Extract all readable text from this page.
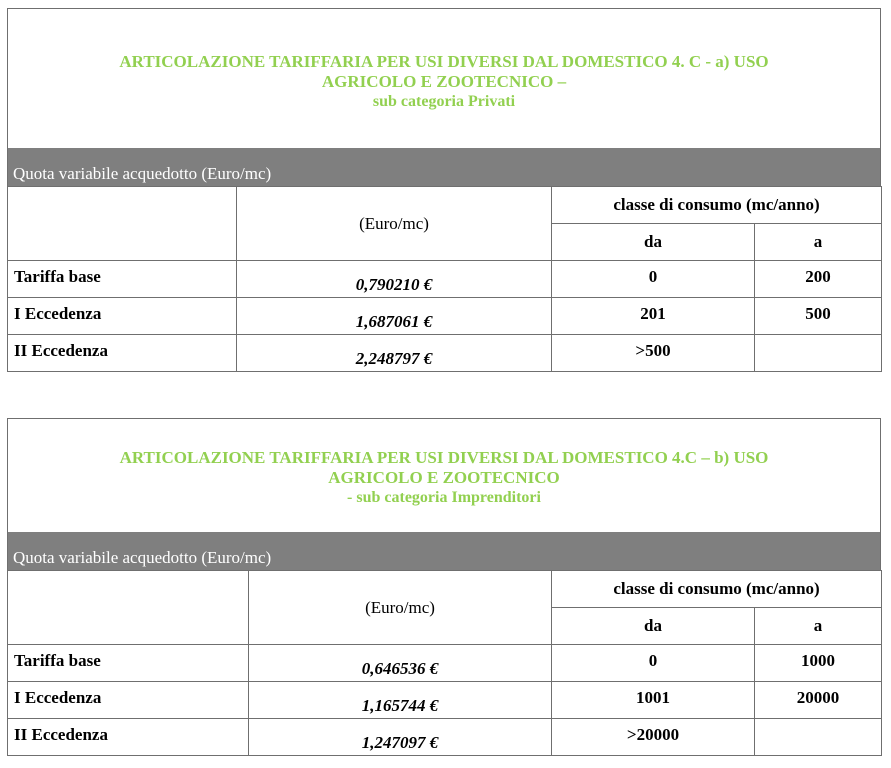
ARTICOLAZIONE TARIFFARIA PER USI DIVERSI DAL DOMESTICO 4. C - a) USO
AGRICOLO E ZOOTECNICO –
sub categoria Privati
Quota variabile acquedotto (Euro/mc)
	(Euro/mc)	classe di consumo (mc/anno)	
		da	a
Tariffa base	0,790210 €	0	200
I Eccedenza	1,687061 €	201	500
II Eccedenza	2,248797 €	>500	
ARTICOLAZIONE TARIFFARIA PER USI DIVERSI DAL DOMESTICO 4.C – b) USO
AGRICOLO E ZOOTECNICO
- sub categoria Imprenditori
Quota variabile acquedotto (Euro/mc)
	(Euro/mc)	classe di consumo (mc/anno)	
		da	a
Tariffa base	0,646536 €	0	1000
I Eccedenza	1,165744 €	1001	20000
II Eccedenza	1,247097 €	>20000	
